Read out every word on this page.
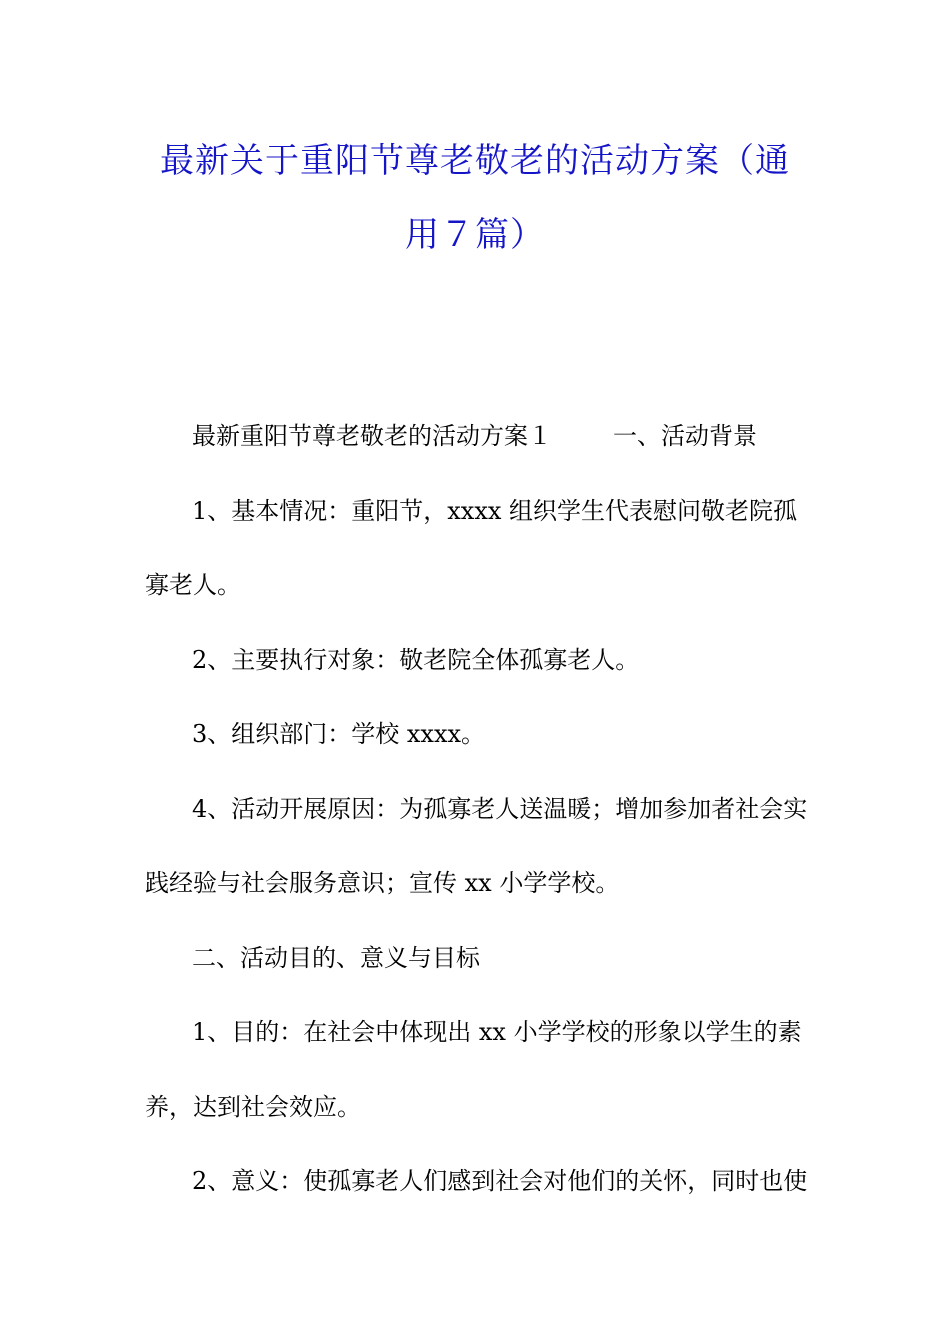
最新关于重阳节尊老敬老的活动方案（通
用７篇）
最新重阳节尊老敬老的活动方案１        一、活动背景
1、基本情况：重阳节，xxxx 组织学生代表慰问敬老院孤
寡老人。
2、主要执行对象：敬老院全体孤寡老人。
3、组织部门：学校 xxxx。
4、活动开展原因：为孤寡老人送温暖；增加参加者社会实
践经验与社会服务意识；宣传 xx 小学学校。
二、活动目的、意义与目标
1、目的：在社会中体现出 xx 小学学校的形象以学生的素
养，达到社会效应。
2、意义：使孤寡老人们感到社会对他们的关怀，同时也使
